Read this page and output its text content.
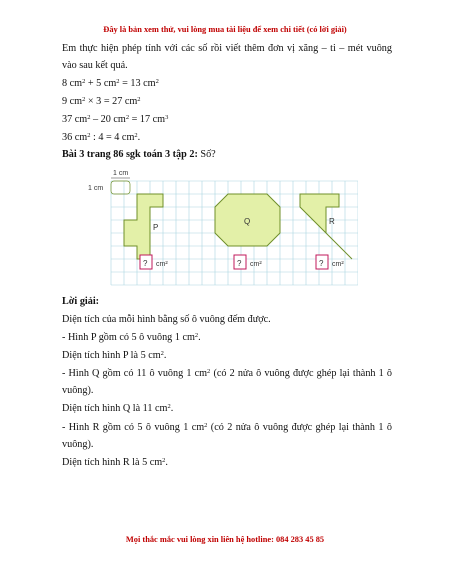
Đây là bản xem thử, vui lòng mua tài liệu để xem chi tiết (có lời giải)
Em thực hiện phép tính với các số rồi viết thêm đơn vị xăng – ti – mét vuông vào sau kết quả.
8 $cm^2 + 5$ $cm^2 = 13$ $cm^2$
9 $cm^2 \times 3 = 27$ $cm^2$
37 $cm^2 - 20$ $cm^2 = 17$ $cm^3$
36 $cm^2$ : 4 = 4 $cm^2$.
Bài 3 trang 86 sgk toán 3 tập 2: Số?
P
Q	R
1 cm
1 cm
? cm²	? cm²	? cm²
Lời giải:
Diện tích của mỗi hình bằng số ô vuông đếm được.
- Hình P gồm có 5 ô vuông 1 $cm^2$.
Diện tích hình P là 5 $cm^2$.
- Hình Q gồm có 11 ô vuông 1 $cm^2$ (có 2 nửa ô vuông được ghép lại thành 1 ô vuông).
Diện tích hình Q là 11 $cm^2$.
- Hình R gồm có 5 ô vuông 1 $cm^2$ (có 2 nửa ô vuông được ghép lại thành 1 ô vuông).
Diện tích hình R là 5 $cm^2$.
Mọi thắc mắc vui lòng xin liên hệ hotline: 084 283 45 85
